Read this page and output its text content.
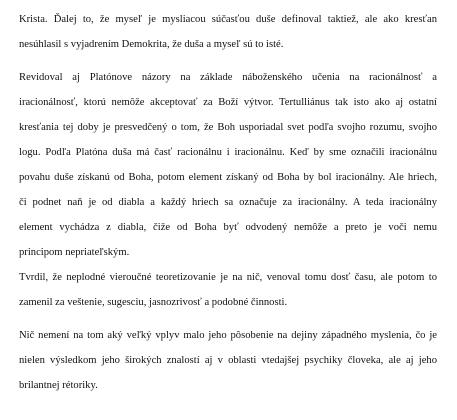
Krista. Ďalej to, že myseľ je mysliacou súčasťou duše definoval taktiež, ale ako kresťan
nesúhlasil s vyjadrením Demokrita, že duša a myseľ sú to isté.
Revidoval aj Platónove názory na základe náboženského učenia na racionálnosť a
iracionálnosť, ktorú nemôže akceptovať za Boží výtvor. Tertulliánus tak isto ako aj ostatní
kresťania tej doby je presvedčený o tom, že Boh usporiadal svet podľa svojho rozumu, svojho
logu. Podľa Platóna duša má časť racionálnu i iracionálnu. Keď by sme označili iracionálnu
povahu duše získanú od Boha, potom element získaný od Boha by bol iracionálny. Ale hriech,
či podnet naň je od diabla a každý hriech sa označuje za iracionálny. A teda iracionálny
element vychádza z diabla, čiže od Boha byť odvodený nemôže a preto je voči nemu
principom nepriateľským.
Tvrdil, že neplodné vieroučné teoretizovanie je na nič, venoval tomu dosť času, ale potom to
zamenil za veštenie, sugesciu, jasnozrivosť a podobné činnosti.
Nič nemení na tom aký veľký vplyv malo jeho pôsobenie na dejiny západného myslenia, čo je
nielen výsledkom jeho širokých znalostí aj v oblasti vtedajšej psychiky človeka, ale aj jeho
brilantnej rétoriky.
